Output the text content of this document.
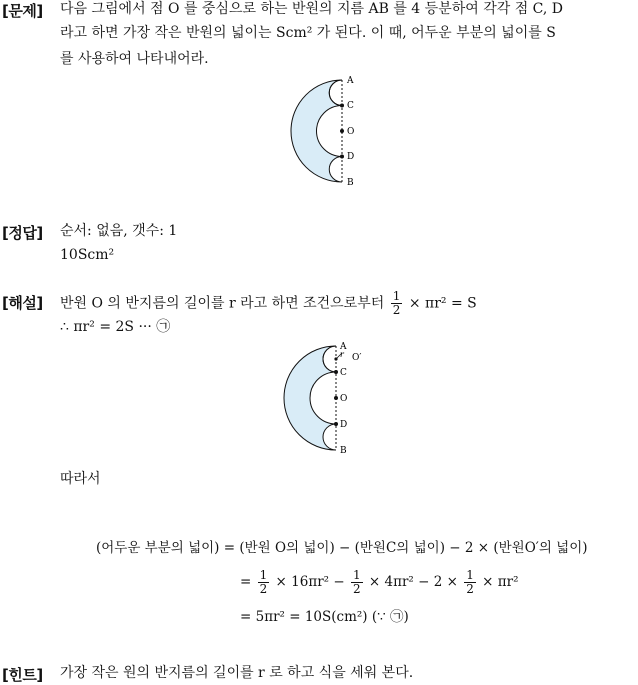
[문제] 다음 그림에서 점 O 를 중심으로 하는 반원의 지름 AB 를 4 등분하여 각각 점 C, D
라고 하면 가장 작은 반원의 넓이는 Scm² 가 된다. 이 때, 어두운 부분의 넓이를 S
를 사용하여 나타내어라.
A
C
O
D
B
[정답] 순서: 없음, 갯수: 1
10Scm²
[해설] 반원 O 의 반지름의 길이를 r 라고 하면 조건으로부터 $\frac{1}{2} \times \pi r^2 = S$
∴ πr² = 2S ··· ㉠
A
r O′
C
O
D
B
따라서
(어두운 부분의 넓이) = (반원 O의 넓이) − (반원C의 넓이) − 2 × (반원O′의 넓이)
= $\frac{1}{2} \times 16\pi r^2 - \frac{1}{2} \times 4\pi r^2 - 2 \times \frac{1}{2} \times \pi r^2$
= 5πr² = 10S(cm²) (∵ ㉠)
[힌트] 가장 작은 원의 반지름의 길이를 r 로 하고 식을 세워 본다.
